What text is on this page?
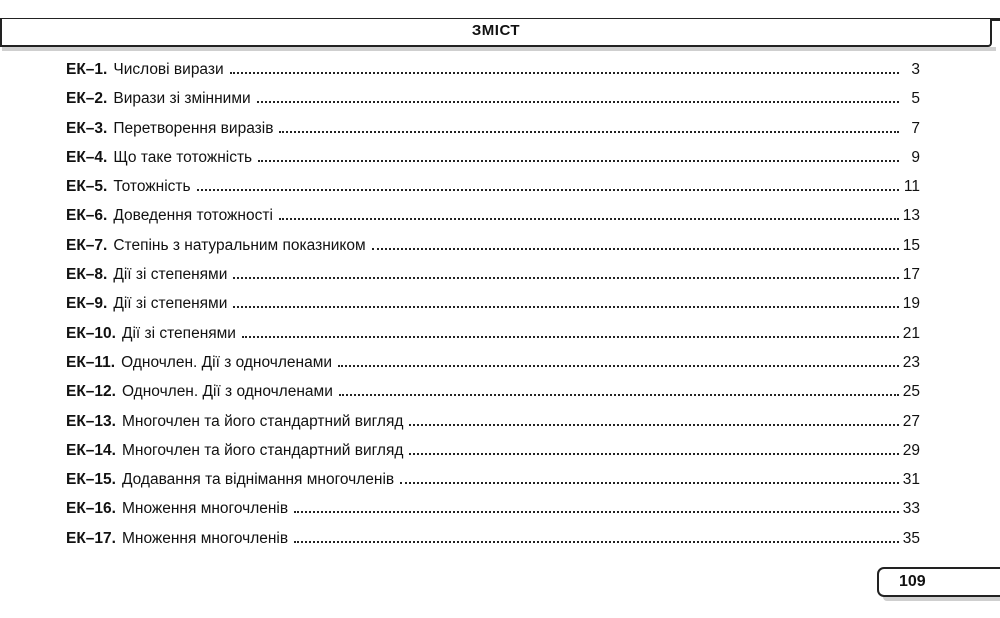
ЗМІСТ
ЕК–1. Числові вирази	3
ЕК–2. Вирази зі змінними	5
ЕК–3. Перетворення виразів	7
ЕК–4. Що таке тотожність	9
ЕК–5. Тотожність	11
ЕК–6. Доведення тотожності	13
ЕК–7. Степінь з натуральним показником	15
ЕК–8. Дії зі степенями	17
ЕК–9. Дії зі степенями	19
ЕК–10. Дії зі степенями	21
ЕК–11. Одночлен. Дії з одночленами	23
ЕК–12. Одночлен. Дії з одночленами	25
ЕК–13. Многочлен та його стандартний вигляд	27
ЕК–14. Многочлен та його стандартний вигляд	29
ЕК–15. Додавання та віднімання многочленів	31
ЕК–16. Множення многочленів	33
ЕК–17. Множення многочленів	35
109
